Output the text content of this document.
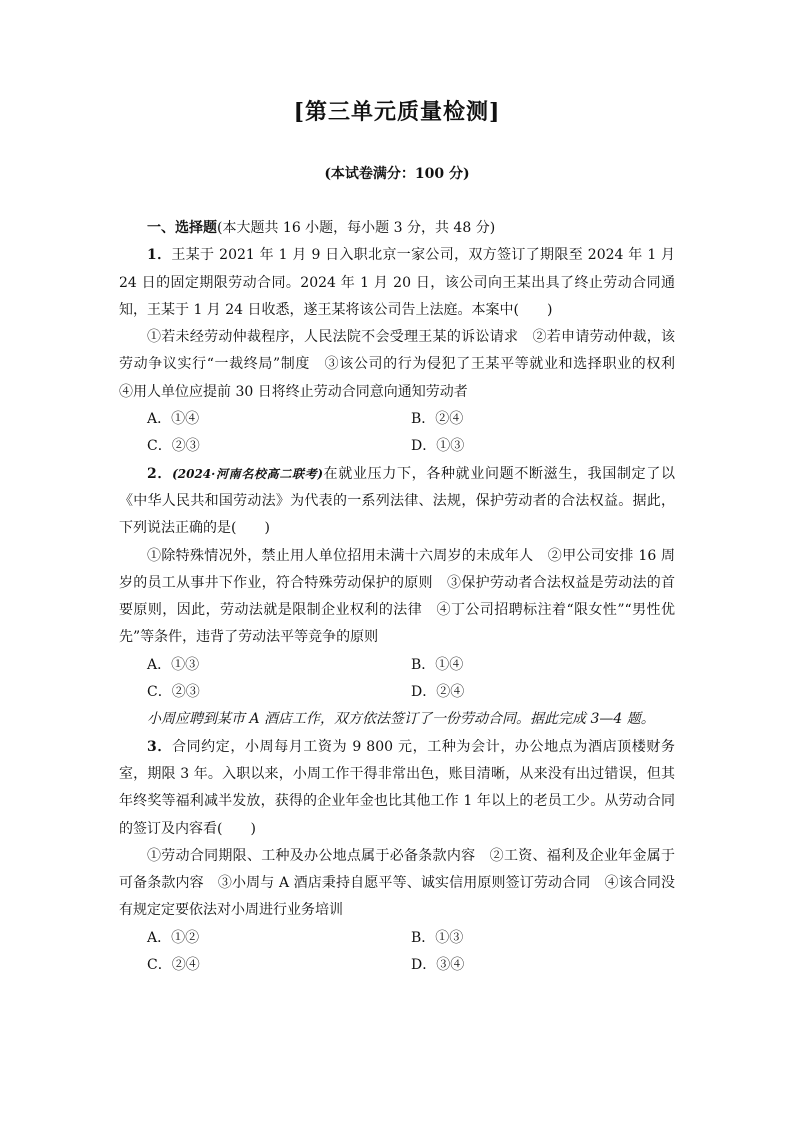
[第三单元质量检测]
(本试卷满分：100 分)

一、选择题(本大题共 16 小题，每小题 3 分，共 48 分)

1．王某于 2021 年 1 月 9 日入职北京一家公司，双方签订了期限至 2024 年 1 月 24 日的固定期限劳动合同。2024 年 1 月 20 日，该公司向王某出具了终止劳动合同通知，王某于 1 月 24 日收悉，遂王某将该公司告上法庭。本案中(　　)

①若未经劳动仲裁程序，人民法院不会受理王某的诉讼请求　②若申请劳动仲裁，该劳动争议实行“一裁终局”制度　③该公司的行为侵犯了王某平等就业和选择职业的权利　④用人单位应提前 30 日将终止劳动合同意向通知劳动者

A．①④	B．②④
C．②③	D．①③

2．(2024·河南名校高二联考)在就业压力下，各种就业问题不断滋生，我国制定了以《中华人民共和国劳动法》为代表的一系列法律、法规，保护劳动者的合法权益。据此，下列说法正确的是(　　)

①除特殊情况外，禁止用人单位招用未满十六周岁的未成年人　②甲公司安排 16 周岁的员工从事井下作业，符合特殊劳动保护的原则　③保护劳动者合法权益是劳动法的首要原则，因此，劳动法就是限制企业权利的法律　④丁公司招聘标注着“限女性”“男性优先”等条件，违背了劳动法平等竞争的原则

A．①③	B．①④
C．②③	D．②④

小周应聘到某市 A 酒店工作，双方依法签订了一份劳动合同。据此完成 3—4 题。

3．合同约定，小周每月工资为 9 800 元，工种为会计，办公地点为酒店顶楼财务室，期限 3 年。入职以来，小周工作干得非常出色，账目清晰，从来没有出过错误，但其年终奖等福利减半发放，获得的企业年金也比其他工作 1 年以上的老员工少。从劳动合同的签订及内容看(　　)

①劳动合同期限、工种及办公地点属于必备条款内容　②工资、福利及企业年金属于可备条款内容　③小周与 A 酒店秉持自愿平等、诚实信用原则签订劳动合同　④该合同没有规定定要依法对小周进行业务培训

A．①②	B．①③
C．②④	D．③④
